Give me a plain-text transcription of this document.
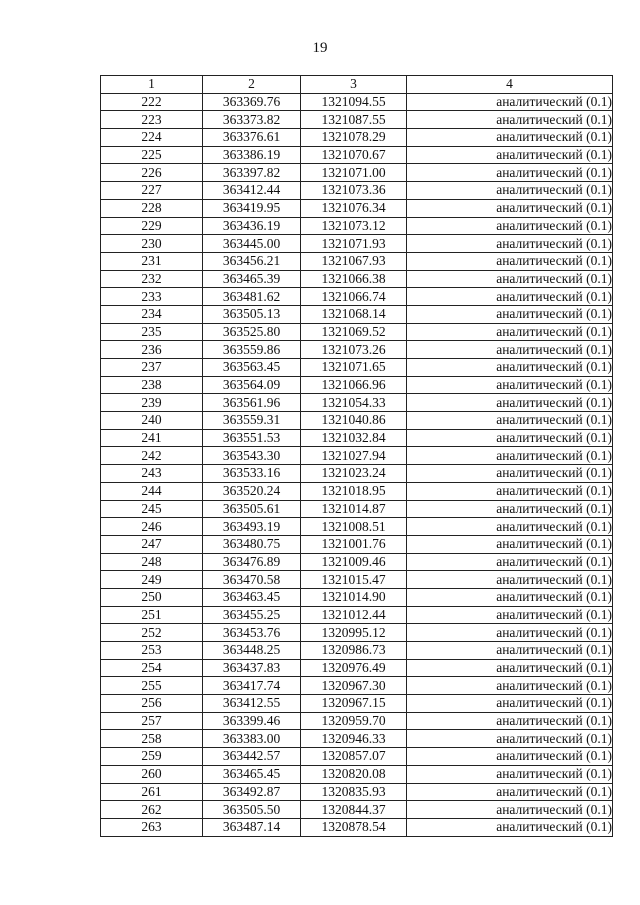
19
1	2	3	4
222	363369.76	1321094.55	аналитический (0.1)
223	363373.82	1321087.55	аналитический (0.1)
224	363376.61	1321078.29	аналитический (0.1)
225	363386.19	1321070.67	аналитический (0.1)
226	363397.82	1321071.00	аналитический (0.1)
227	363412.44	1321073.36	аналитический (0.1)
228	363419.95	1321076.34	аналитический (0.1)
229	363436.19	1321073.12	аналитический (0.1)
230	363445.00	1321071.93	аналитический (0.1)
231	363456.21	1321067.93	аналитический (0.1)
232	363465.39	1321066.38	аналитический (0.1)
233	363481.62	1321066.74	аналитический (0.1)
234	363505.13	1321068.14	аналитический (0.1)
235	363525.80	1321069.52	аналитический (0.1)
236	363559.86	1321073.26	аналитический (0.1)
237	363563.45	1321071.65	аналитический (0.1)
238	363564.09	1321066.96	аналитический (0.1)
239	363561.96	1321054.33	аналитический (0.1)
240	363559.31	1321040.86	аналитический (0.1)
241	363551.53	1321032.84	аналитический (0.1)
242	363543.30	1321027.94	аналитический (0.1)
243	363533.16	1321023.24	аналитический (0.1)
244	363520.24	1321018.95	аналитический (0.1)
245	363505.61	1321014.87	аналитический (0.1)
246	363493.19	1321008.51	аналитический (0.1)
247	363480.75	1321001.76	аналитический (0.1)
248	363476.89	1321009.46	аналитический (0.1)
249	363470.58	1321015.47	аналитический (0.1)
250	363463.45	1321014.90	аналитический (0.1)
251	363455.25	1321012.44	аналитический (0.1)
252	363453.76	1320995.12	аналитический (0.1)
253	363448.25	1320986.73	аналитический (0.1)
254	363437.83	1320976.49	аналитический (0.1)
255	363417.74	1320967.30	аналитический (0.1)
256	363412.55	1320967.15	аналитический (0.1)
257	363399.46	1320959.70	аналитический (0.1)
258	363383.00	1320946.33	аналитический (0.1)
259	363442.57	1320857.07	аналитический (0.1)
260	363465.45	1320820.08	аналитический (0.1)
261	363492.87	1320835.93	аналитический (0.1)
262	363505.50	1320844.37	аналитический (0.1)
263	363487.14	1320878.54	аналитический (0.1)
